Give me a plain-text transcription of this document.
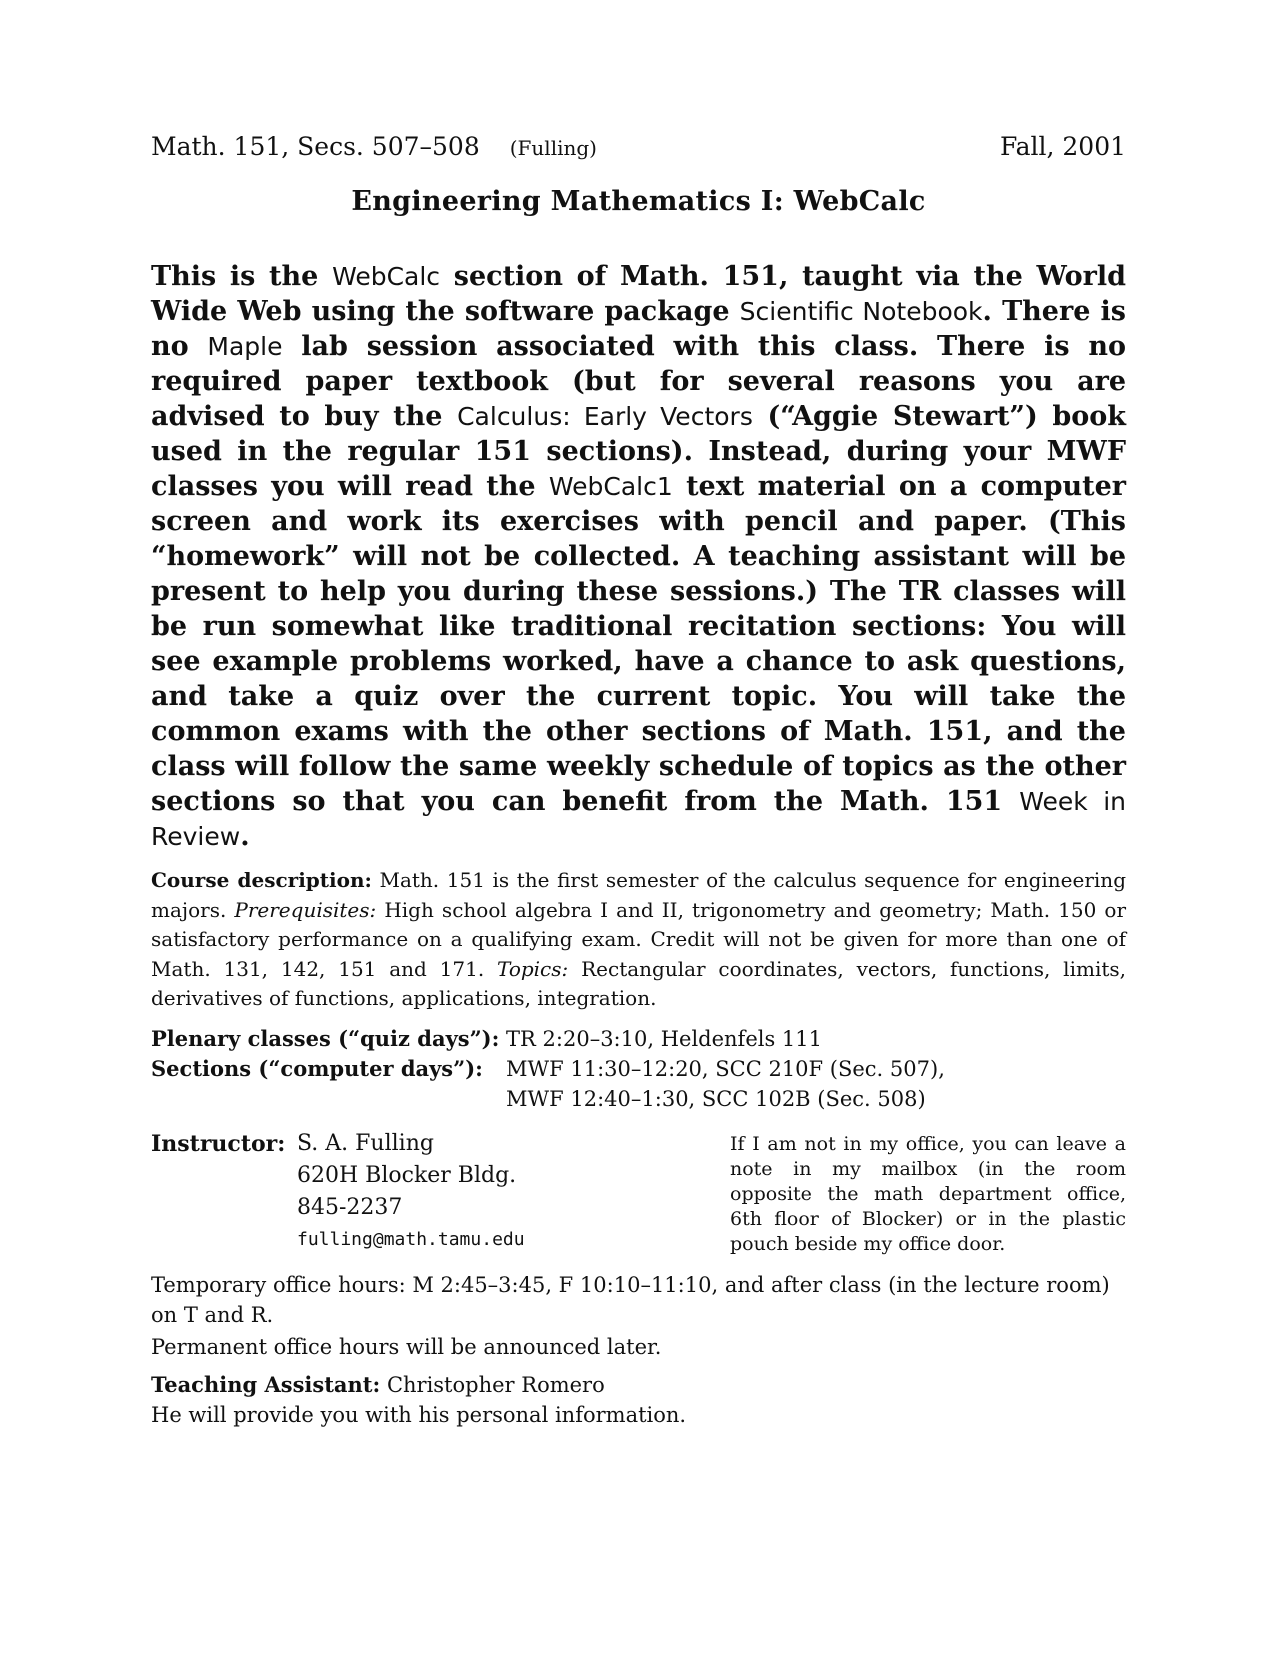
Math. 151, Secs. 507–508 (Fulling)	Fall, 2001
Engineering Mathematics I: WebCalc
This is the WebCalc section of Math. 151, taught via the World Wide Web using the software package Scientific Notebook. There is no Maple lab session associated with this class. There is no required paper textbook (but for several reasons you are advised to buy the Calculus: Early Vectors (“Aggie Stewart”) book used in the regular 151 sections). Instead, during your MWF classes you will read the WebCalc1 text material on a computer screen and work its exercises with pencil and paper. (This “homework” will not be collected. A teaching assistant will be present to help you during these sessions.) The TR classes will be run somewhat like traditional recitation sections: You will see example problems worked, have a chance to ask questions, and take a quiz over the current topic. You will take the common exams with the other sections of Math. 151, and the class will follow the same weekly schedule of topics as the other sections so that you can benefit from the Math. 151 Week in Review.
Course description: Math. 151 is the first semester of the calculus sequence for engineering majors. Prerequisites: High school algebra I and II, trigonometry and geometry; Math. 150 or satisfactory performance on a qualifying exam. Credit will not be given for more than one of Math. 131, 142, 151 and 171. Topics: Rectangular coordinates, vectors, functions, limits, derivatives of functions, applications, integration.
Plenary classes (“quiz days”):	TR 2:20–3:10, Heldenfels 111
Sections (“computer days”):	MWF 11:30–12:20, SCC 210F (Sec. 507),
	MWF 12:40–1:30, SCC 102B (Sec. 508)
Instructor: S. A. Fulling
620H Blocker Bldg.
845-2237
fulling@math.tamu.edu
If I am not in my office, you can leave a note in my mailbox (in the room opposite the math department office, 6th floor of Blocker) or in the plastic pouch beside my office door.

Temporary office hours: M 2:45–3:45, F 10:10–11:10, and after class (in the lecture room) on T and R.

Permanent office hours will be announced later.

Teaching Assistant: Christopher Romero
He will provide you with his personal information.
